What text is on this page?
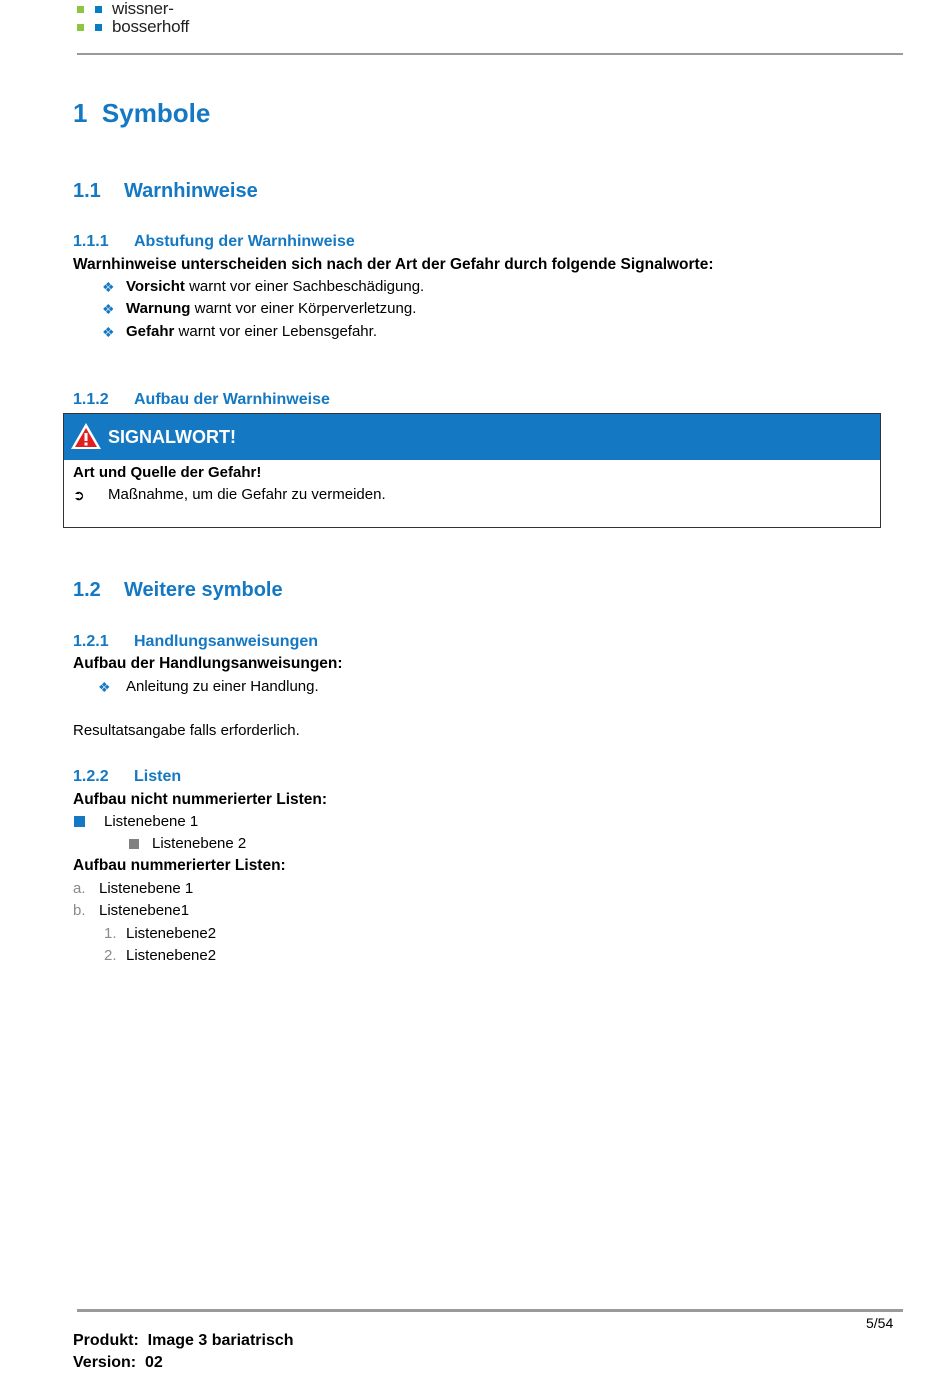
wissner-
bosserhoff
1 Symbole
1.1 Warnhinweise
1.1.1 Abstufung der Warnhinweise
Warnhinweise unterscheiden sich nach der Art der Gefahr durch folgende Signalworte:
❖ Vorsicht warnt vor einer Sachbeschädigung.
❖ Warnung warnt vor einer Körperverletzung.
❖ Gefahr warnt vor einer Lebensgefahr.
1.1.2 Aufbau der Warnhinweise
SIGNALWORT!
Art und Quelle der Gefahr!
➲ Maßnahme, um die Gefahr zu vermeiden.
1.2 Weitere symbole
1.2.1 Handlungsanweisungen
Aufbau der Handlungsanweisungen:
❖ Anleitung zu einer Handlung.
Resultatsangabe falls erforderlich.
1.2.2 Listen
Aufbau nicht nummerierter Listen:
Listenebene 1
Listenebene 2
Aufbau nummerierter Listen:
a. Listenebene 1
b. Listenebene1
1. Listenebene2
2. Listenebene2
5/54
Produkt: Image 3 bariatrisch
Version: 02
